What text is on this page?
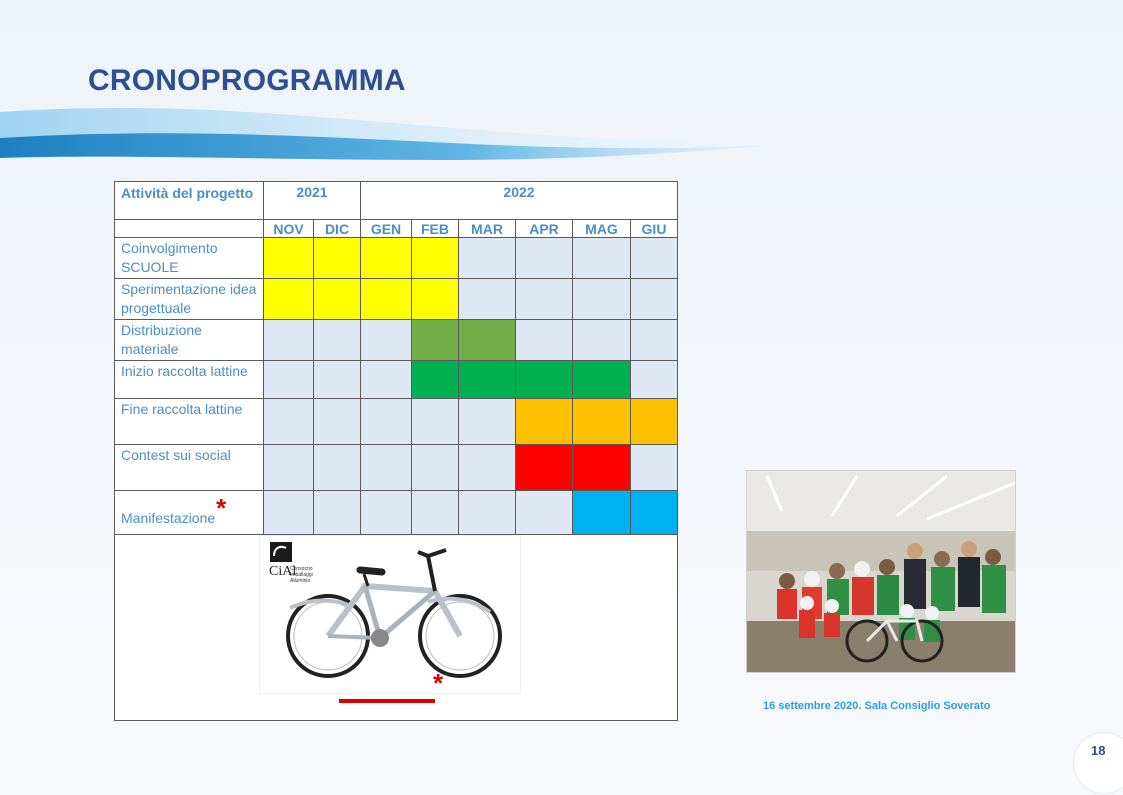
CRONOPROGRAMMA
Attività del progetto	2021		2022					
	NOV	DIC	GEN	FEB	MAR	APR	MAG	GIU
Coinvolgimento SCUOLE								
Sperimentazione idea progettuale								
Distribuzione materiale								
Inizio raccolta lattine								
Fine raccolta lattine								
Contest sui social								
Manifestazione*								

CiAl
Consorzio Imballaggi Alluminio
*								
16 settembre 2020. Sala Consiglio Soverato
18
